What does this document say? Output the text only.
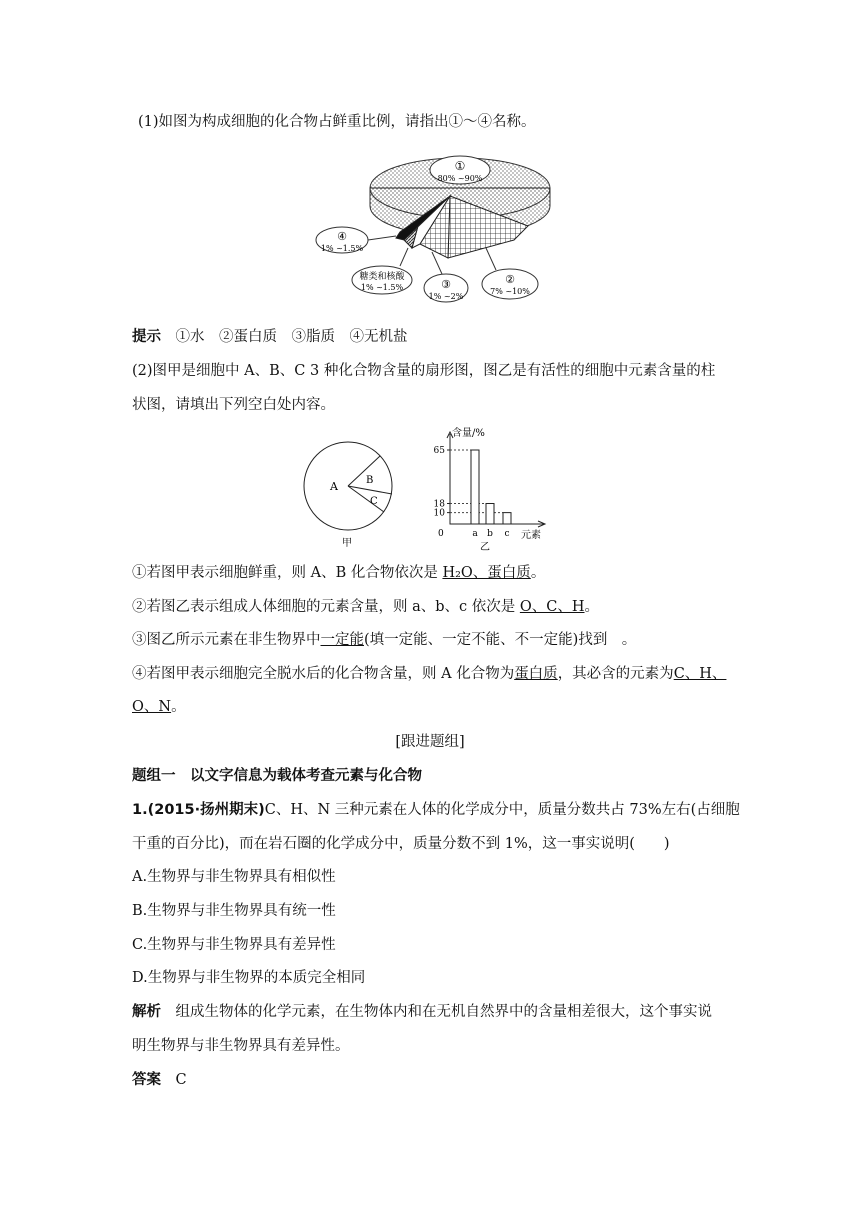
(1)如图为构成细胞的化合物占鲜重比例，请指出①～④名称。
①
80% ~90%
④
1% ~1.5%
糖类和核酸
1% ~1.5%	③
1% ~2%
②
7% ~10%
提示　 ①水　②蛋白质　③脂质　④无机盐
(2)图甲是细胞中 A、B、C 3 种化合物含量的扇形图，图乙是有活性的细胞中元素含量的柱
状图，请填出下列空白处内容。
A	B
C
甲
含量/%
元素
0
乙
65
18
10
a b c
①若图甲表示细胞鲜重，则 A、B 化合物依次是 H₂O、蛋白质。
②若图乙表示组成人体细胞的元素含量，则 a、b、c 依次是 O、C、H。
③图乙所示元素在非生物界中一定能(填一定能、一定不能、不一定能)找到　。
④若图甲表示细胞完全脱水后的化合物含量，则 A 化合物为蛋白质，其必含的元素为C、H、
O、N。
[跟进题组]
题组一　以文字信息为载体考查元素与化合物
1.(2015·扬州期末)C、H、N 三种元素在人体的化学成分中，质量分数共占 73%左右(占细胞
干重的百分比)，而在岩石圈的化学成分中，质量分数不到 1%，这一事实说明(　　)
A.生物界与非生物界具有相似性
B.生物界与非生物界具有统一性
C.生物界与非生物界具有差异性
D.生物界与非生物界的本质完全相同
解析　 组成生物体的化学元素，在生物体内和在无机自然界中的含量相差很大，这个事实说
明生物界与非生物界具有差异性。
答案　 C
